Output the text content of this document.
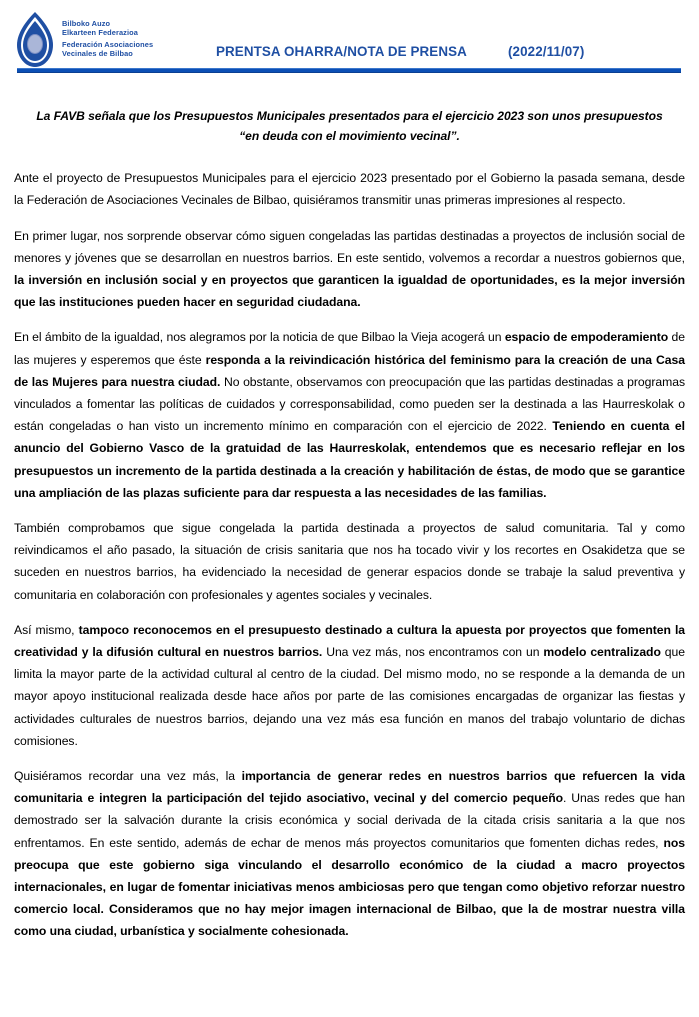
Bilboko Auzo
Elkarteen Federazioa
Federación Asociaciones
Vecinales de Bilbao	PRENTSA OHARRA/NOTA DE PRENSA	(2022/11/07)
La FAVB señala que los Presupuestos Municipales presentados para el ejercicio 2023 son unos presupuestos “en deuda con el movimiento vecinal”.

Ante el proyecto de Presupuestos Municipales para el ejercicio 2023 presentado por el Gobierno la pasada semana, desde la Federación de Asociaciones Vecinales de Bilbao, quisiéramos transmitir unas primeras impresiones al respecto.

En primer lugar, nos sorprende observar cómo siguen congeladas las partidas destinadas a proyectos de inclusión social de menores y jóvenes que se desarrollan en nuestros barrios. En este sentido, volvemos a recordar a nuestros gobiernos que, la inversión en inclusión social y en proyectos que garanticen la igualdad de oportunidades, es la mejor inversión que las instituciones pueden hacer en seguridad ciudadana.

En el ámbito de la igualdad, nos alegramos por la noticia de que Bilbao la Vieja acogerá un espacio de empoderamiento de las mujeres y esperemos que éste responda a la reivindicación histórica del feminismo para la creación de una Casa de las Mujeres para nuestra ciudad. No obstante, observamos con preocupación que las partidas destinadas a programas vinculados a fomentar las políticas de cuidados y corresponsabilidad, como pueden ser la destinada a las Haurreskolak o están congeladas o han visto un incremento mínimo en comparación con el ejercicio de 2022. Teniendo en cuenta el anuncio del Gobierno Vasco de la gratuidad de las Haurreskolak, entendemos que es necesario reflejar en los presupuestos un incremento de la partida destinada a la creación y habilitación de éstas, de modo que se garantice una ampliación de las plazas suficiente para dar respuesta a las necesidades de las familias.

También comprobamos que sigue congelada la partida destinada a proyectos de salud comunitaria. Tal y como reivindicamos el año pasado, la situación de crisis sanitaria que nos ha tocado vivir y los recortes en Osakidetza que se suceden en nuestros barrios, ha evidenciado la necesidad de generar espacios donde se trabaje la salud preventiva y comunitaria en colaboración con profesionales y agentes sociales y vecinales.

Así mismo, tampoco reconocemos en el presupuesto destinado a cultura la apuesta por proyectos que fomenten la creatividad y la difusión cultural en nuestros barrios. Una vez más, nos encontramos con un modelo centralizado que limita la mayor parte de la actividad cultural al centro de la ciudad. Del mismo modo, no se responde a la demanda de un mayor apoyo institucional realizada desde hace años por parte de las comisiones encargadas de organizar las fiestas y actividades culturales de nuestros barrios, dejando una vez más esa función en manos del trabajo voluntario de dichas comisiones.

Quisiéramos recordar una vez más, la importancia de generar redes en nuestros barrios que refuercen la vida comunitaria e integren la participación del tejido asociativo, vecinal y del comercio pequeño. Unas redes que han demostrado ser la salvación durante la crisis económica y social derivada de la citada crisis sanitaria a la que nos enfrentamos. En este sentido, además de echar de menos más proyectos comunitarios que fomenten dichas redes, nos preocupa que este gobierno siga vinculando el desarrollo económico de la ciudad a macro proyectos internacionales, en lugar de fomentar iniciativas menos ambiciosas pero que tengan como objetivo reforzar nuestro comercio local. Consideramos que no hay mejor imagen internacional de Bilbao, que la de mostrar nuestra villa como una ciudad, urbanística y socialmente cohesionada.
